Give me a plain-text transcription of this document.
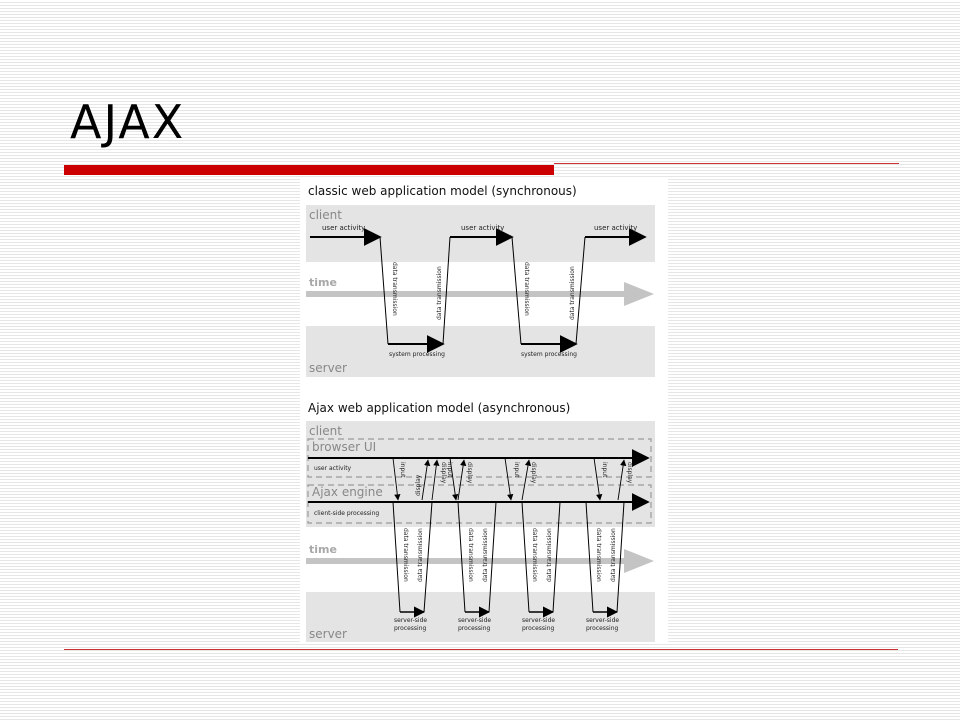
AJAX
classic web application model (synchronous)
client
time
server
user activity	user activity	user activity
data transmission	data transmission
system processing
data transmission	data transmission
system processing
Ajax web application model (asynchronous)
client
browser UI
Ajax engine
user activity
client-side processing
input
display
display input display	input display	input	display
time
server
data transmission data transmission
server-side
processing
data transmission data transmission
server-side
processing
data transmission data transmission
server-side
processing
data transmission data transmission
server-side
processing
